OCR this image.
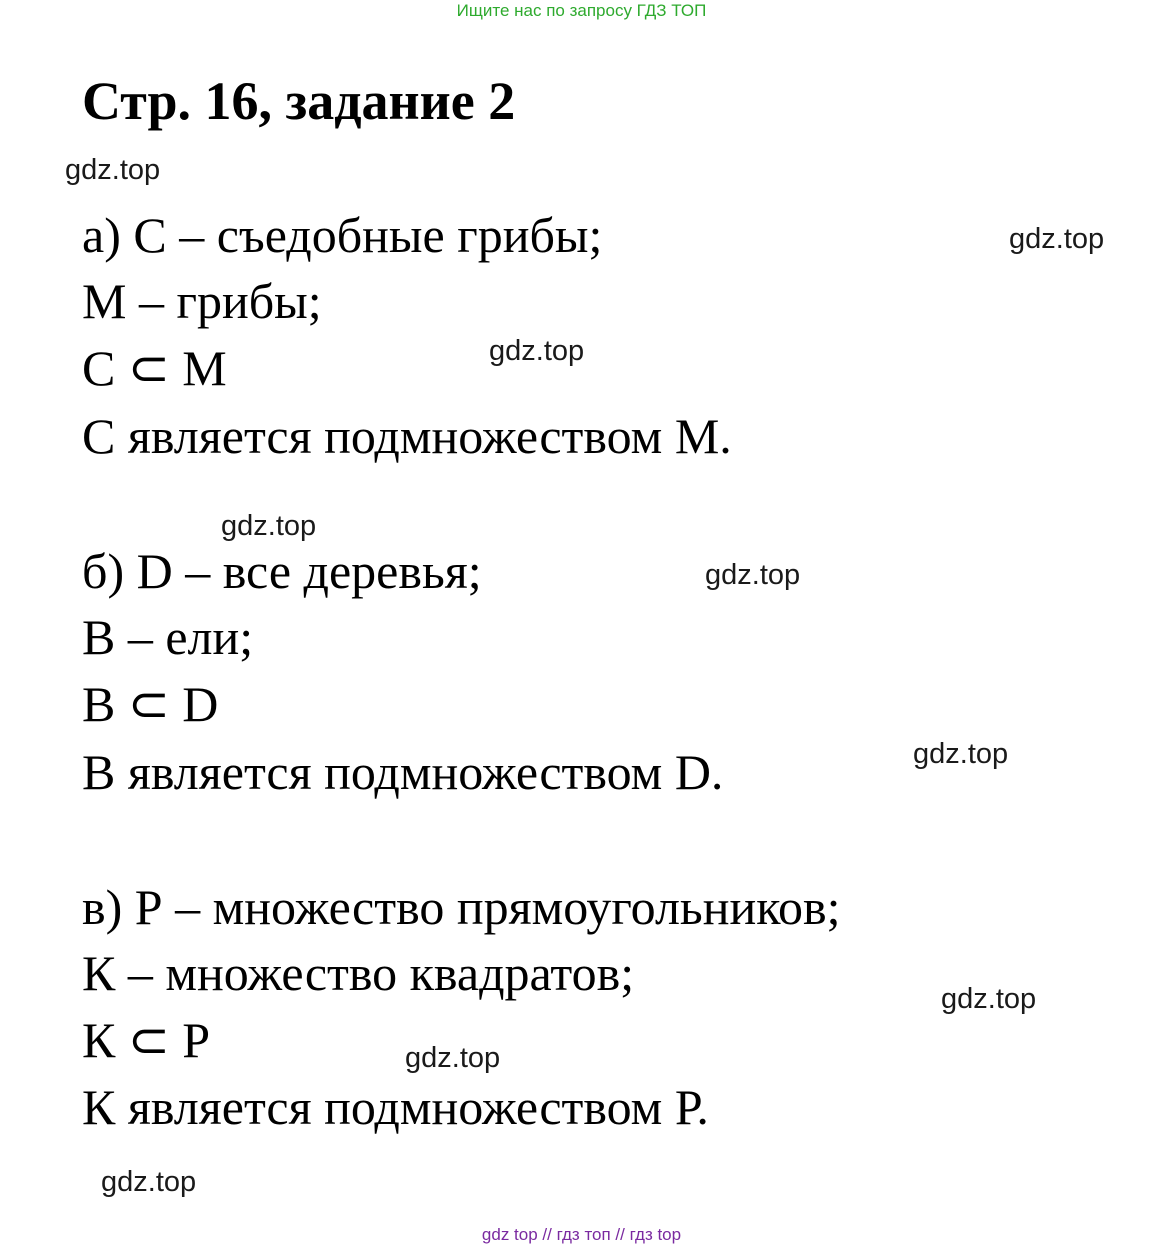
Ищите нас по запросу ГДЗ ТОП
Стр. 16, задание 2
а) С – съедобные грибы;
М – грибы;
С ⊂ М
С является подмножеством М.
б) D – все деревья;
В – ели;
В ⊂ D
В является подмножеством D.
в) Р – множество прямоугольников;
К – множество квадратов;
К ⊂ Р
К является подмножеством Р.
gdz.top
gdz.top
gdz.top
gdz.top
gdz.top
gdz.top
gdz.top
gdz.top
gdz.top
gdz top // гдз топ // гдз top
